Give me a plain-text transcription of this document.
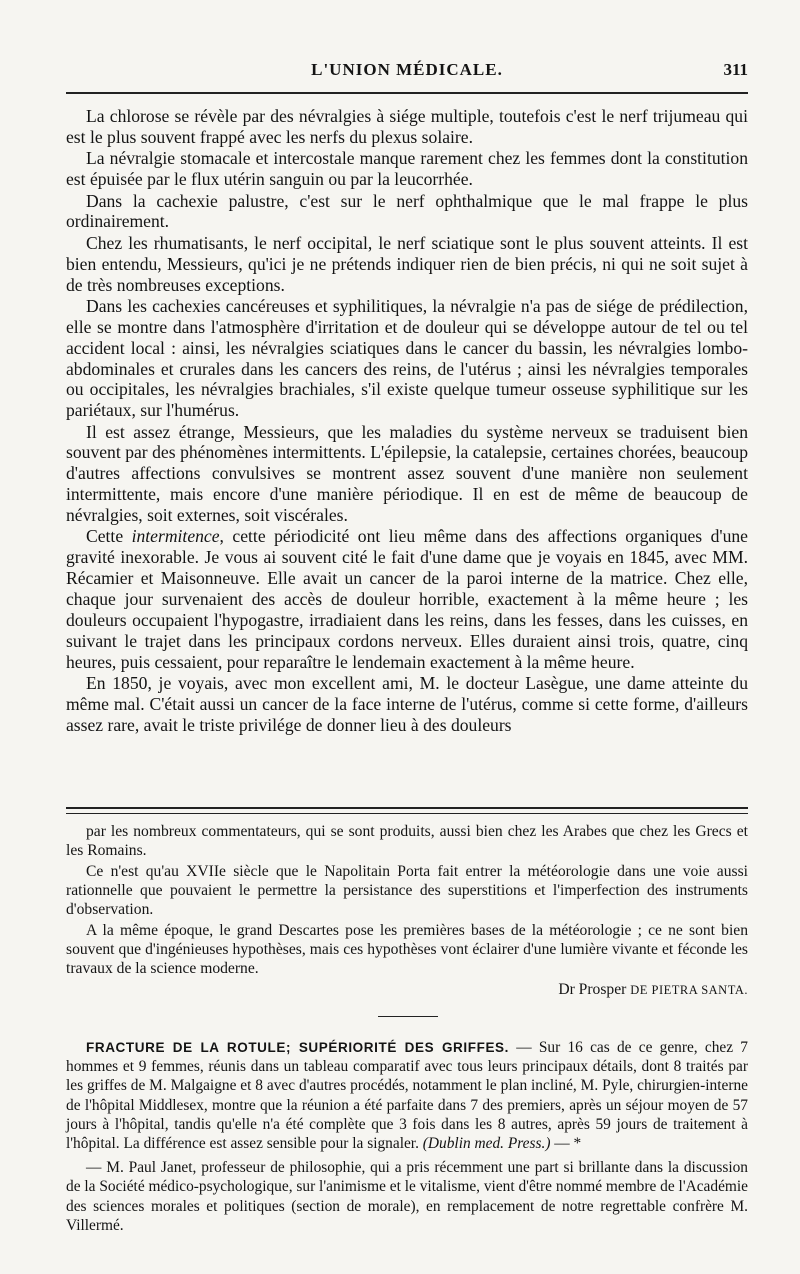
L'UNION MÉDICALE.	311

La chlorose se révèle par des névralgies à siége multiple, toutefois c'est le nerf trijumeau qui est le plus souvent frappé avec les nerfs du plexus solaire.

La névralgie stomacale et intercostale manque rarement chez les femmes dont la constitution est épuisée par le flux utérin sanguin ou par la leucorrhée.

Dans la cachexie palustre, c'est sur le nerf ophthalmique que le mal frappe le plus ordinairement.

Chez les rhumatisants, le nerf occipital, le nerf sciatique sont le plus souvent atteints. Il est bien entendu, Messieurs, qu'ici je ne prétends indiquer rien de bien précis, ni qui ne soit sujet à de très nombreuses exceptions.

Dans les cachexies cancéreuses et syphilitiques, la névralgie n'a pas de siége de prédilection, elle se montre dans l'atmosphère d'irritation et de douleur qui se développe autour de tel ou tel accident local : ainsi, les névralgies sciatiques dans le cancer du bassin, les névralgies lombo-abdominales et crurales dans les cancers des reins, de l'utérus ; ainsi les névralgies temporales ou occipitales, les névralgies brachiales, s'il existe quelque tumeur osseuse syphilitique sur les pariétaux, sur l'humérus.

Il est assez étrange, Messieurs, que les maladies du système nerveux se traduisent bien souvent par des phénomènes intermittents. L'épilepsie, la catalepsie, certaines chorées, beaucoup d'autres affections convulsives se montrent assez souvent d'une manière non seulement intermittente, mais encore d'une manière périodique. Il en est de même de beaucoup de névralgies, soit externes, soit viscérales.

Cette intermitence, cette périodicité ont lieu même dans des affections organiques d'une gravité inexorable. Je vous ai souvent cité le fait d'une dame que je voyais en 1845, avec MM. Récamier et Maisonneuve. Elle avait un cancer de la paroi interne de la matrice. Chez elle, chaque jour survenaient des accès de douleur horrible, exactement à la même heure ; les douleurs occupaient l'hypogastre, irradiaient dans les reins, dans les fesses, dans les cuisses, en suivant le trajet dans les principaux cordons nerveux. Elles duraient ainsi trois, quatre, cinq heures, puis cessaient, pour reparaître le lendemain exactement à la même heure.

En 1850, je voyais, avec mon excellent ami, M. le docteur Lasègue, une dame atteinte du même mal. C'était aussi un cancer de la face interne de l'utérus, comme si cette forme, d'ailleurs assez rare, avait le triste privilége de donner lieu à des douleurs

par les nombreux commentateurs, qui se sont produits, aussi bien chez les Arabes que chez les Grecs et les Romains.

Ce n'est qu'au XVIIe siècle que le Napolitain Porta fait entrer la météorologie dans une voie aussi rationnelle que pouvaient le permettre la persistance des superstitions et l'imperfection des instruments d'observation.

A la même époque, le grand Descartes pose les premières bases de la météorologie ; ce ne sont bien souvent que d'ingénieuses hypothèses, mais ces hypothèses vont éclairer d'une lumière vivante et féconde les travaux de la science moderne.

Dr Prosper DE PIETRA SANTA.

FRACTURE DE LA ROTULE; SUPÉRIORITÉ DES GRIFFES. — Sur 16 cas de ce genre, chez 7 hommes et 9 femmes, réunis dans un tableau comparatif avec tous leurs principaux détails, dont 8 traités par les griffes de M. Malgaigne et 8 avec d'autres procédés, notamment le plan incliné, M. Pyle, chirurgien-interne de l'hôpital Middlesex, montre que la réunion a été parfaite dans 7 des premiers, après un séjour moyen de 57 jours à l'hôpital, tandis qu'elle n'a été complète que 3 fois dans les 8 autres, après 59 jours de traitement à l'hôpital. La différence est assez sensible pour la signaler. (Dublin med. Press.) — *

— M. Paul Janet, professeur de philosophie, qui a pris récemment une part si brillante dans la discussion de la Société médico-psychologique, sur l'animisme et le vitalisme, vient d'être nommé membre de l'Académie des sciences morales et politiques (section de morale), en remplacement de notre regrettable confrère M. Villermé.
